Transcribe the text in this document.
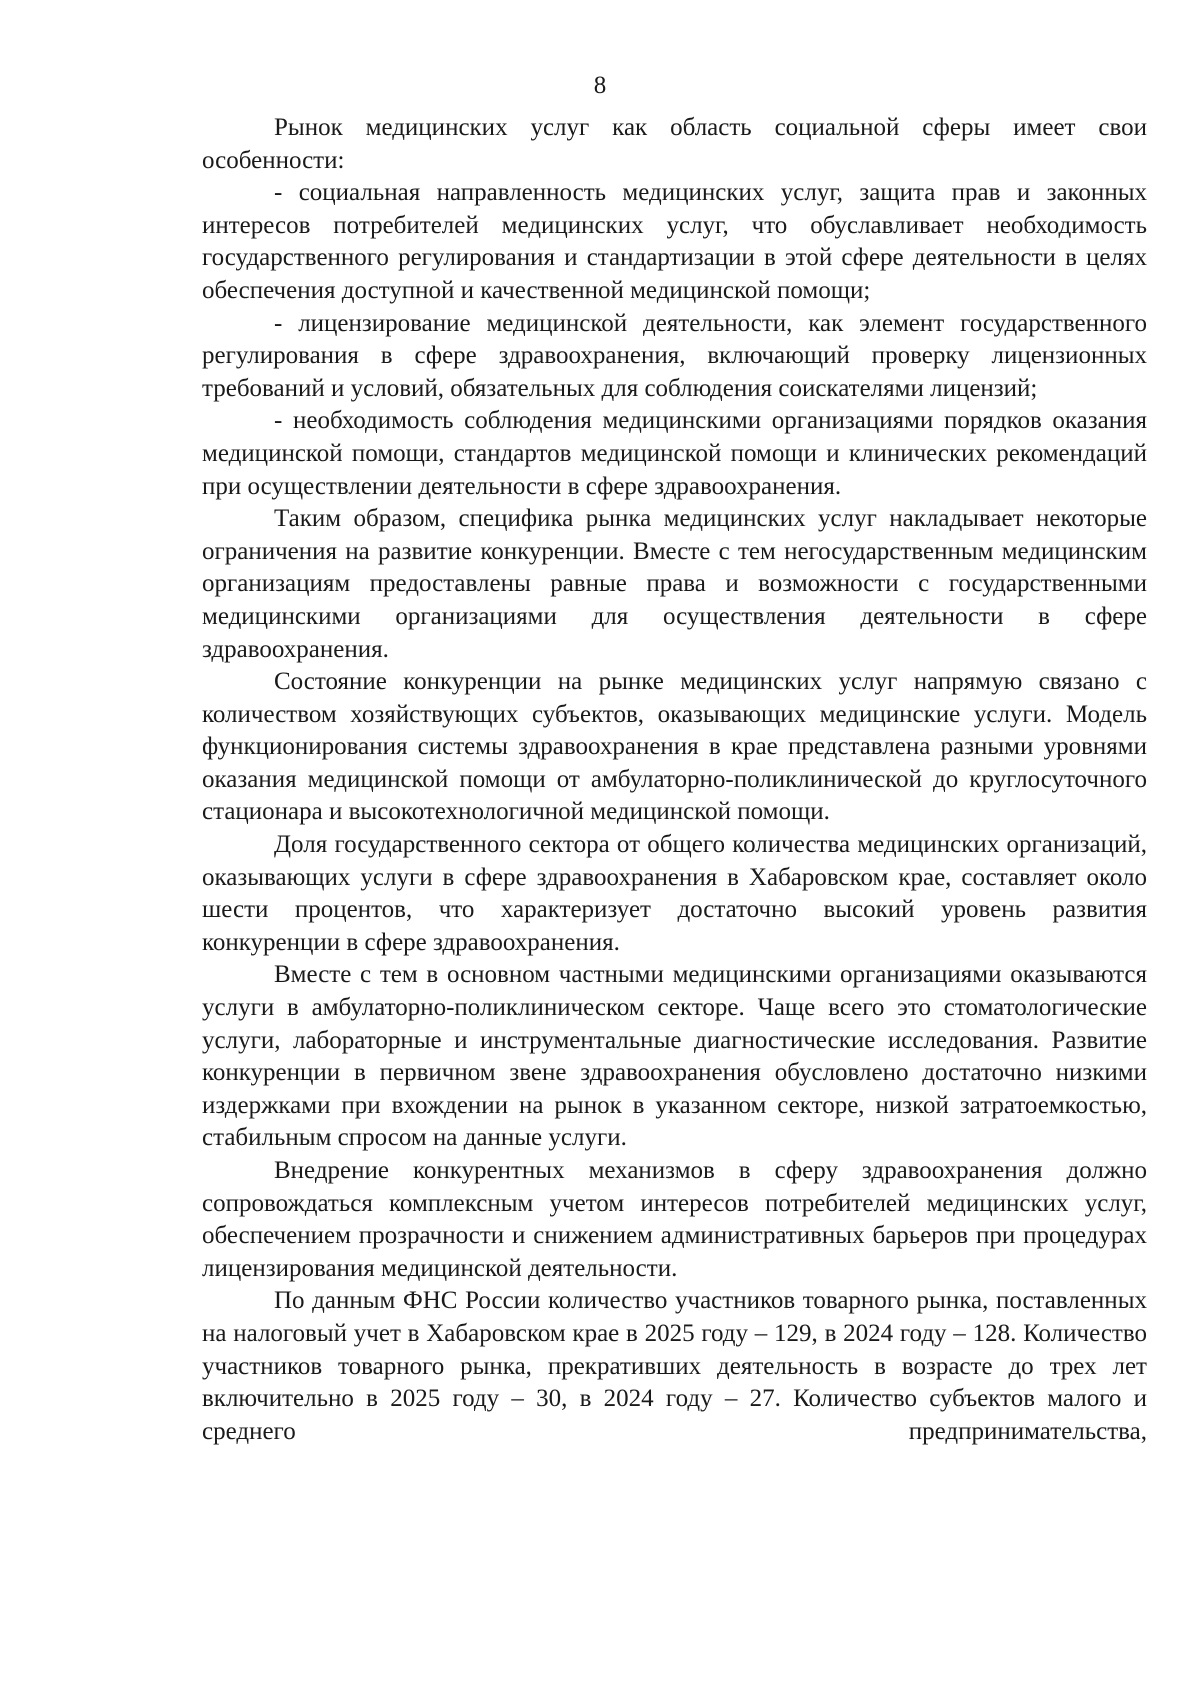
8

Рынок медицинских услуг как область социальной сферы имеет свои особенности:

- социальная направленность медицинских услуг, защита прав и законных интересов потребителей медицинских услуг, что обуславливает необходимость государственного регулирования и стандартизации в этой сфере деятельности в целях обеспечения доступной и качественной медицинской помощи;

- лицензирование медицинской деятельности, как элемент государственного регулирования в сфере здравоохранения, включающий проверку лицензионных требований и условий, обязательных для соблюдения соискателями лицензий;

- необходимость соблюдения медицинскими организациями порядков оказания медицинской помощи, стандартов медицинской помощи и клинических рекомендаций при осуществлении деятельности в сфере здравоохранения.

Таким образом, специфика рынка медицинских услуг накладывает некоторые ограничения на развитие конкуренции. Вместе с тем негосударственным медицинским организациям предоставлены равные права и возможности с государственными медицинскими организациями для осуществления деятельности в сфере здравоохранения.

Состояние конкуренции на рынке медицинских услуг напрямую связано с количеством хозяйствующих субъектов, оказывающих медицинские услуги. Модель функционирования системы здравоохранения в крае представлена разными уровнями оказания медицинской помощи от амбулаторно-поликлинической до круглосуточного стационара и высокотехнологичной медицинской помощи.

Доля государственного сектора от общего количества медицинских организаций, оказывающих услуги в сфере здравоохранения в Хабаровском крае, составляет около шести процентов, что характеризует достаточно высокий уровень развития конкуренции в сфере здравоохранения.

Вместе с тем в основном частными медицинскими организациями оказываются услуги в амбулаторно-поликлиническом секторе. Чаще всего это стоматологические услуги, лабораторные и инструментальные диагностические исследования. Развитие конкуренции в первичном звене здравоохранения обусловлено достаточно низкими издержками при вхождении на рынок в указанном секторе, низкой затратоемкостью, стабильным спросом на данные услуги.

Внедрение конкурентных механизмов в сферу здравоохранения должно сопровождаться комплексным учетом интересов потребителей медицинских услуг, обеспечением прозрачности и снижением административных барьеров при процедурах лицензирования медицинской деятельности.

По данным ФНС России количество участников товарного рынка, поставленных на налоговый учет в Хабаровском крае в 2025 году – 129, в 2024 году – 128. Количество участников товарного рынка, прекративших деятельность в возрасте до трех лет включительно в 2025 году – 30, в 2024 году – 27. Количество субъектов малого и среднего предпринимательства,
